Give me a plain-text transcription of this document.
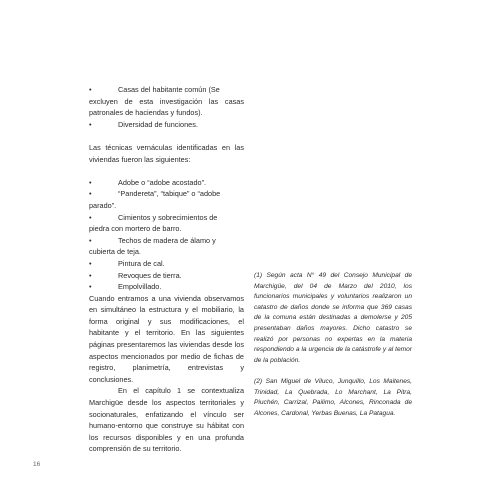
•	Casas del habitante común (Se

excluyen de esta investigación las casas patronales de haciendas y fundos).

•	Diversidad de funciones.

Las técnicas vernáculas identificadas en las viviendas fueron las siguientes:

•	Adobe o “adobe acostado”.
•	“Pandereta”, “tabique” o “adobe

parado”.

•	Cimientos y sobrecimientos de

piedra con mortero de barro.

•	Techos de madera de álamo y

cubierta de teja.

•	Pintura de cal.
•	Revoques de tierra.
•	Empolvillado.

Cuando entramos a una vivienda observamos en simultáneo la estructura y el mobiliario, la forma original y sus modificaciones, el habitante y el territorio. En las siguientes páginas presentaremos las viviendas desde los aspectos mencionados por medio de fichas de registro, planimetría, entrevistas y conclusiones.

En el capítulo 1 se contextualiza Marchigüe desde los aspectos territoriales y socionaturales, enfatizando el vínculo ser humano-entorno que construye su hábitat con los recursos disponibles y en una profunda comprensión de su territorio.

(1) Según acta N° 49 del Consejo Municipal de Marchigüe, del 04 de Marzo del 2010, los funcionarios municipales y voluntarios realizaron un catastro de daños donde se informa que 369 casas de la comuna están destinadas a demolerse y 205 presentaban daños mayores. Dicho catastro se realizó por personas no expertas en la materia respondiendo a la urgencia de la catástrofe y al temor de la población.

(2) San Miguel de Viluco, Junquillo, Los Maitenes, Trinidad, La Quebrada, Lo Marchant, La Pitra, Piuchén, Carrizal, Pailimo, Alcones, Rinconada de Alcones, Cardonal, Yerbas Buenas, La Patagua.

16
